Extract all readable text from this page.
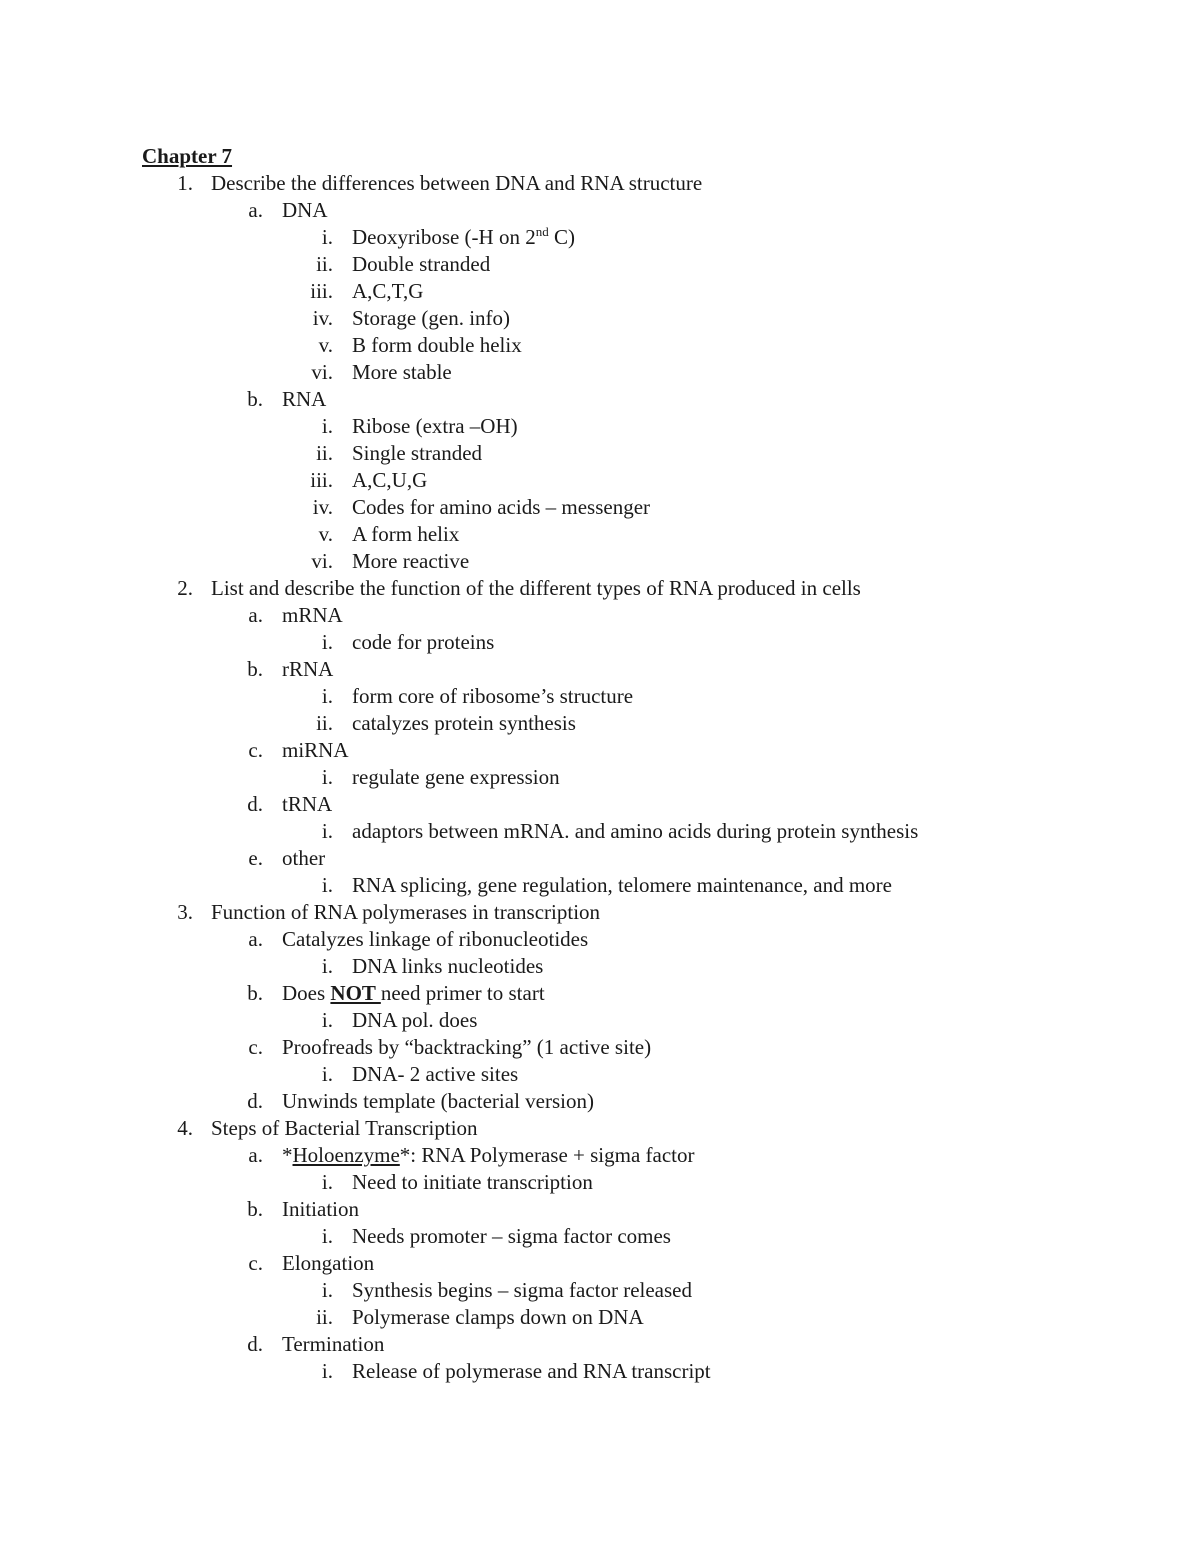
Chapter 7
1. Describe the differences between DNA and RNA structure
a. DNA
i. Deoxyribose (-H on 2nd C)
ii. Double stranded
iii. A,C,T,G
iv. Storage (gen. info)
v. B form double helix
vi. More stable
b. RNA
i. Ribose (extra –OH)
ii. Single stranded
iii. A,C,U,G
iv. Codes for amino acids – messenger
v. A form helix
vi. More reactive
2. List and describe the function of the different types of RNA produced in cells
a. mRNA
i. code for proteins
b. rRNA
i. form core of ribosome’s structure
ii. catalyzes protein synthesis
c. miRNA
i. regulate gene expression
d. tRNA
i. adaptors between mRNA. and amino acids during protein synthesis
e. other
i. RNA splicing, gene regulation, telomere maintenance, and more
3. Function of RNA polymerases in transcription
a. Catalyzes linkage of ribonucleotides
i. DNA links nucleotides
b. Does NOT need primer to start
i. DNA pol. does
c. Proofreads by “backtracking” (1 active site)
i. DNA- 2 active sites
d. Unwinds template (bacterial version)
4. Steps of Bacterial Transcription
a. *Holoenzyme*: RNA Polymerase + sigma factor
i. Need to initiate transcription
b. Initiation
i. Needs promoter – sigma factor comes
c. Elongation
i. Synthesis begins – sigma factor released
ii. Polymerase clamps down on DNA
d. Termination
i. Release of polymerase and RNA transcript
